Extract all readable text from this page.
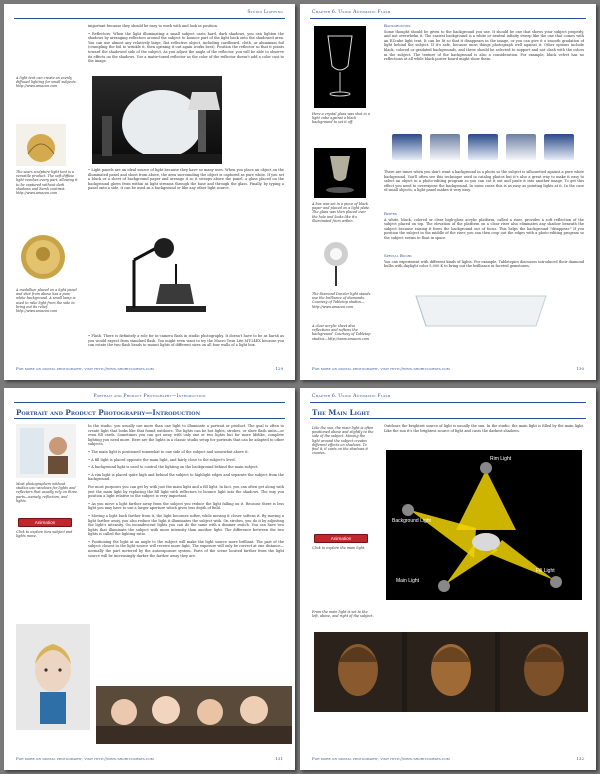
Studio Lighting

important because they should be easy to work with and look in position.

• Reflectors. When the light illuminating a small subject casts hard, dark shadows, you can lighten the shadows by arranging reflectors around the subject to bounce part of the light back onto the shadowed area. You can use almost any relatively large, flat reflective object, including cardboard, cloth, or aluminum foil (crumpling the foil to wrinkle it, then opening it out again works best). Position the reflector so that it points toward the shadowed side of the subject. As you adjust the angle of the reflector, you will be able to observe its effects on the shadows. Use a matte-toned reflector as the color of the reflector doesn't add a color cast to the image.

A light tent can create an evenly diffused lighting for small subjects. http://www.amazon.com
The sears sculpture light tent is a versatile product. The soft diffuse light reaches every part, allowing it to be captured without dark shadows and harsh contrast. http://www.amazon.com

• Light panels are an ideal source of light because they have so many uses. When you place an object on the illuminated panel and shoot from above, the area surrounding the object is captured as pure white. If you set a black or a sheet of background paper and arrange it so it sweeps above the panel, a glass placed on the background glows from within as light streams through the base and through the glass. Finally, by typing a panel onto a side, it can be used as a background or like any other light source.

A medallion placed on a light panel and shot from above has a pure white background. A small lamp is used to rake light from the side to bring out its relief. http://www.amazon.com

• Flash. There is definitely a role for in-camera flash in studio photography. It doesn't have to be as harsh as you would expect from standard flash. You might even want to try the Macro Twin Lite MT-24EX because you can rotate the two flash heads to mount lights of different sizes on all four walls of a light box.

For more on digital photography, visit http://www.shortcourses.com	129
Chapter 6. Using Automatic Flash
Here a crystal glass was shot in a light cube against a black background to set it off.
Backgrounds

Some thought should be given to the background you use. It should be one that shows your subject properly, and not overwhelm it. The easiest background is a white or neutral infinity sweep like the one that comes with an EZcube light tent. It can be lit so that it disappears in the image, or you can give it a smooth gradation of light behind the subject. If it's safe, because most things photograph well against it. Other options include black, colored or gradated backgrounds, and these should be selected to support and not clash with the colors in the subject. The texture of the background is also a consideration. For example, black velvet has no reflections at all while black poster board might show them.

There are times when you don't want a background in a photo so the subject is silhouetted against a pure white background. You'll often see this technique used in catalog photos but it's also a great way to make it easy to select an object in a photo-editing program so you can cut it out and paste it into another image. To get this effect you need to overexpose the background. In some cases this is as easy as pointing lights at it. In the case of small objects, a light panel makes it very easy.

A box was set in a piece of black paper and placed on a light plate. The glass was then placed over the hole and looks like it's illuminated from within.
Risers

A white, black, colored or clear high-gloss acrylic platform, called a riser, provides a soft reflection of the subject placed on top. The elevation of the platform on a clear riser also eliminates any shadow beneath the subject because raising it frees the background out of focus. This helps the background "disappear." If you position the subject in the middle of the riser, you can then crop out the edges with a photo-editing program so the subject seems to float in space.

The Diamond Dazzler light stands use the brilliance of diamonds. Courtesy of Tabletop studios—http://www.amazon.com
Special Bulbs

You can experiment with different kinds of lights. For example, Tabletopics discusses introduced their diamond bulbs with daylight color 5,000 K to bring out the brilliance in faceted gemstones.

A clear acrylic sheet also reflections and softens the background. Courtesy of Tabletop studios—http://www.amazon.com
For more on digital photography, visit http://www.shortcourses.com	130
Portrait and Product Photography—Introduction
Portrait and Product Photography—Introduction

In the studio, you usually use more than one light to illuminate a portrait or product. The goal is often to create light that looks like that found outdoors. The lights can be hot lights, strobes, or slave flash units—or even fill cards. Sometimes you can get away with only one or two lights but for more lifelike, complete lighting you need more. Here are the lights in a classic studio setup for portraits that can be adapted to other subjects.

• The main light is positioned somewhat to one side of the subject and somewhat above it.

• A fill light is placed opposite the main light, and fairly close to the subject's level.

• A background light is used to control the lighting on the background behind the main subject.

• A rim light is placed quite high and behind the subject to highlight edges and separate the subject from the background.

For most purposes you can get by with just the main light and a fill light. In fact, you can often get along with just the main light by replacing the fill light with reflectors to bounce light into the shadows. The way you position a light relative to the subject is very important.

• As you move a light farther away from the subject you reduce the light falling on it. Because there is less light you may have to use a larger aperture which gives less depth of field.

• Moving a light back farther from it, the light becomes softer, while moving it closer softens it. By moving a light farther away, you also reduce the light it illuminates the subject with. On strobes, you do it by adjusting the light's intensity. On incandescent lights you can do the same with a dimmer switch. You can have two lights that illuminate the subject with more intensity than another light. The difference between the two lights is called the lighting ratio.

• Positioning the light at an angle to the subject will make the light source more brilliant. The part of the subject closest to the light source will receive more light. The exposure will only be correct at one distance—normally the part metered by the autoexposure system. Parts of the scene located farther from the light source will be increasingly darker the farther away they are.

Most photographers without studios use windows for lights and reflectors that usually rely on three parts—namely, reflectors, and lights.
Animation
Click to explore how subject and lights move.
For more on digital photography, visit http://www.shortcourses.com	131
Chapter 6. Using Automatic Flash
The Main Light

Outdoors the brightest source of light is usually the sun. In the studio, the main light is filled by the main light. Like the sun it's the brightest source of light and casts the darkest shadows.

Like the sun, the main light is often positioned above and slightly to the side of the subject. Moving the light around the subject creates different effects on shadows. To find it, it casts on the shadows it creates.
Animation
Click to explore the main light.
Rim Light
Background Light
Main Light
Fill Light
From the main light is set to the left, above, and right of the subject.
For more on digital photography, visit http://www.shortcourses.com	132
